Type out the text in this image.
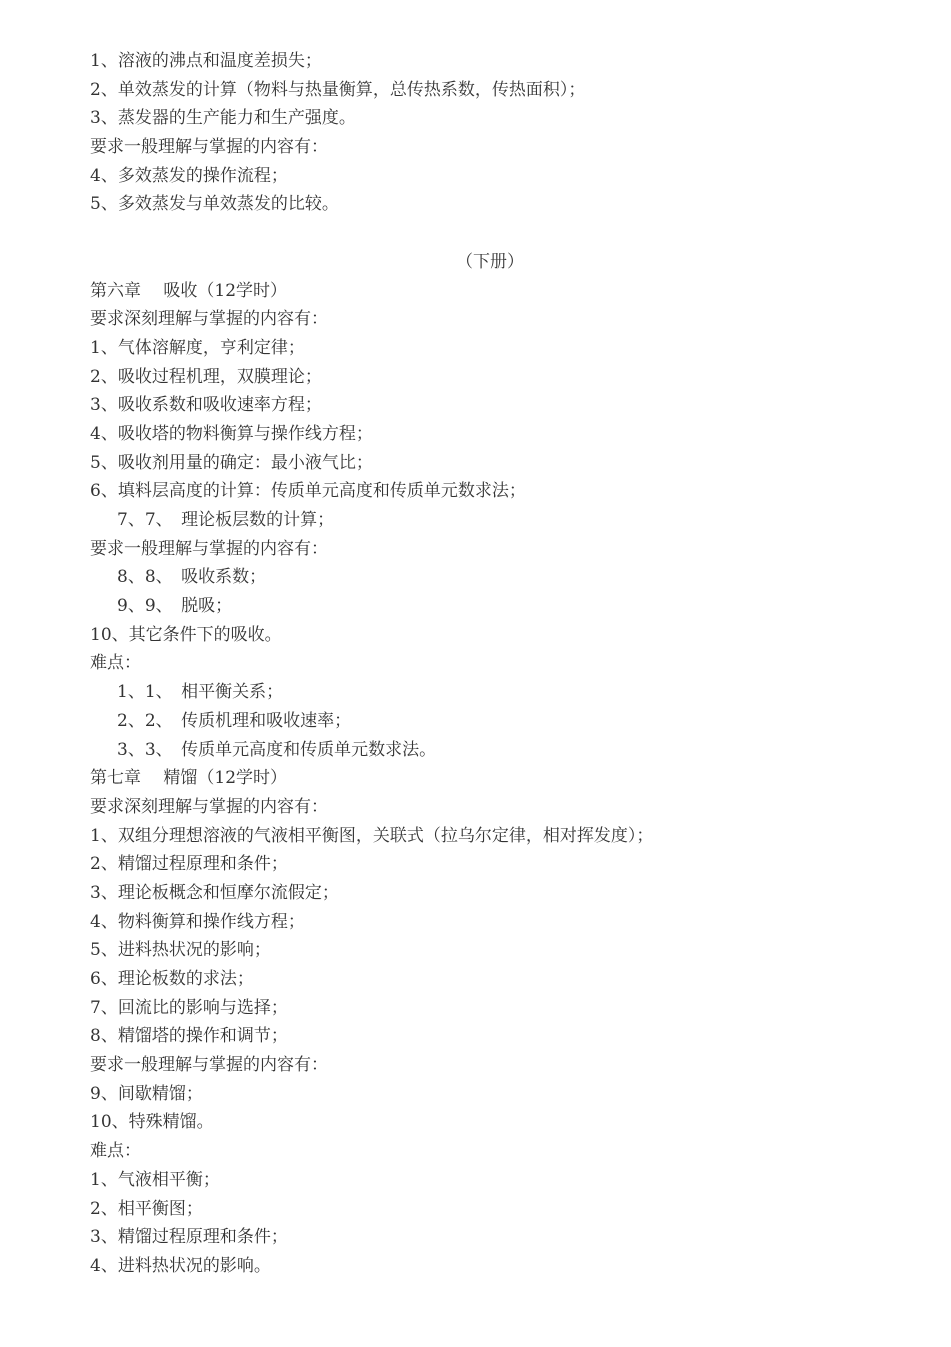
1、溶液的沸点和温度差损失；
2、单效蒸发的计算（物料与热量衡算，总传热系数，传热面积）；
3、蒸发器的生产能力和生产强度。
要求一般理解与掌握的内容有：
4、多效蒸发的操作流程；
5、多效蒸发与单效蒸发的比较。
（下册）
第六章　 吸收（12学时）
要求深刻理解与掌握的内容有：
1、气体溶解度，亨利定律；
2、吸收过程机理，双膜理论；
3、吸收系数和吸收速率方程；
4、吸收塔的物料衡算与操作线方程；
5、吸收剂用量的确定：最小液气比；
6、填料层高度的计算：传质单元高度和传质单元数求法；
7、7、　理论板层数的计算；
要求一般理解与掌握的内容有：
8、8、　吸收系数；
9、9、　脱吸；
10、其它条件下的吸收。
难点：
1、1、　相平衡关系；
2、2、　传质机理和吸收速率；
3、3、　传质单元高度和传质单元数求法。
第七章　 精馏（12学时）
要求深刻理解与掌握的内容有：
1、双组分理想溶液的气液相平衡图，关联式（拉乌尔定律，相对挥发度）；
2、精馏过程原理和条件；
3、理论板概念和恒摩尔流假定；
4、物料衡算和操作线方程；
5、进料热状况的影响；
6、理论板数的求法；
7、回流比的影响与选择；
8、精馏塔的操作和调节；
要求一般理解与掌握的内容有：
9、间歇精馏；
10、特殊精馏。
难点：
1、气液相平衡；
2、相平衡图；
3、精馏过程原理和条件；
4、进料热状况的影响。
